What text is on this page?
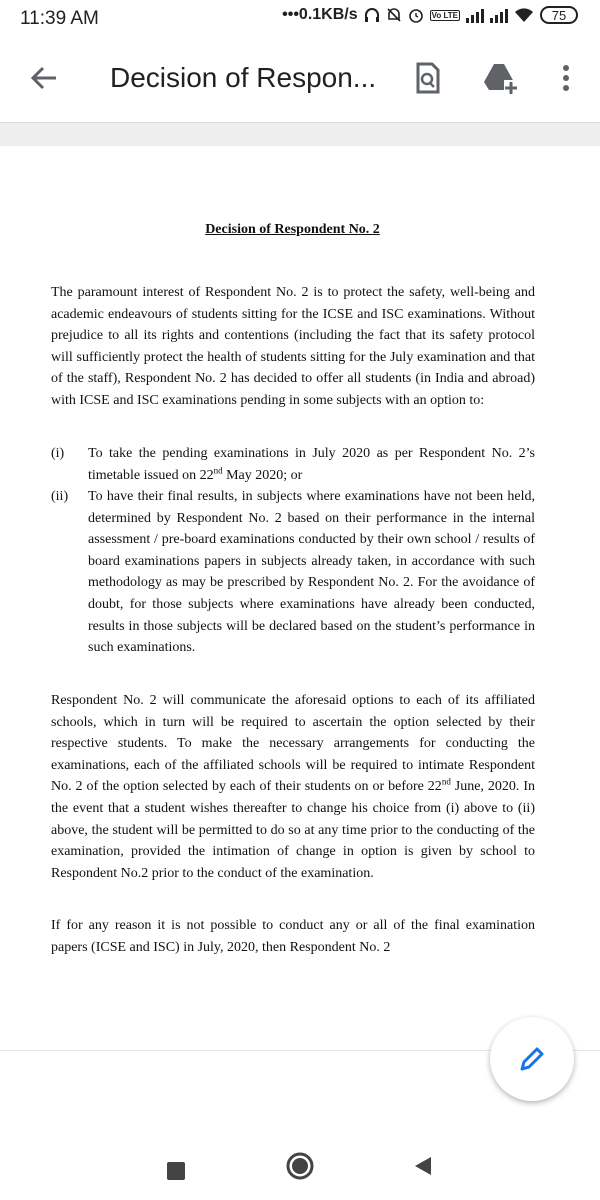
11:39 AM	•••0.1KB/s	Vo LTE	75
Decision of Respon...
Decision of Respondent No. 2

The paramount interest of Respondent No. 2 is to protect the safety, well-being and academic endeavours of students sitting for the ICSE and ISC examinations. Without prejudice to all its rights and contentions (including the fact that its safety protocol will sufficiently protect the health of students sitting for the July examination and that of the staff), Respondent No. 2 has decided to offer all students (in India and abroad) with ICSE and ISC examinations pending in some subjects with an option to:

(i) To take the pending examinations in July 2020 as per Respondent No. 2’s timetable issued on 22nd May 2020; or
(ii) To have their final results, in subjects where examinations have not been held, determined by Respondent No. 2 based on their performance in the internal assessment / pre-board examinations conducted by their own school / results of board examinations papers in subjects already taken, in accordance with such methodology as may be prescribed by Respondent No. 2. For the avoidance of doubt, for those subjects where examinations have already been conducted, results in those subjects will be declared based on the student’s performance in such examinations.

Respondent No. 2 will communicate the aforesaid options to each of its affiliated schools, which in turn will be required to ascertain the option selected by their respective students. To make the necessary arrangements for conducting the examinations, each of the affiliated schools will be required to intimate Respondent No. 2 of the option selected by each of their students on or before 22nd June, 2020. In the event that a student wishes thereafter to change his choice from (i) above to (ii) above, the student will be permitted to do so at any time prior to the conducting of the examination, provided the intimation of change in option is given by school to Respondent No.2 prior to the conduct of the examination.

If for any reason it is not possible to conduct any or all of the final examination papers (ICSE and ISC) in July, 2020, then Respondent No. 2
